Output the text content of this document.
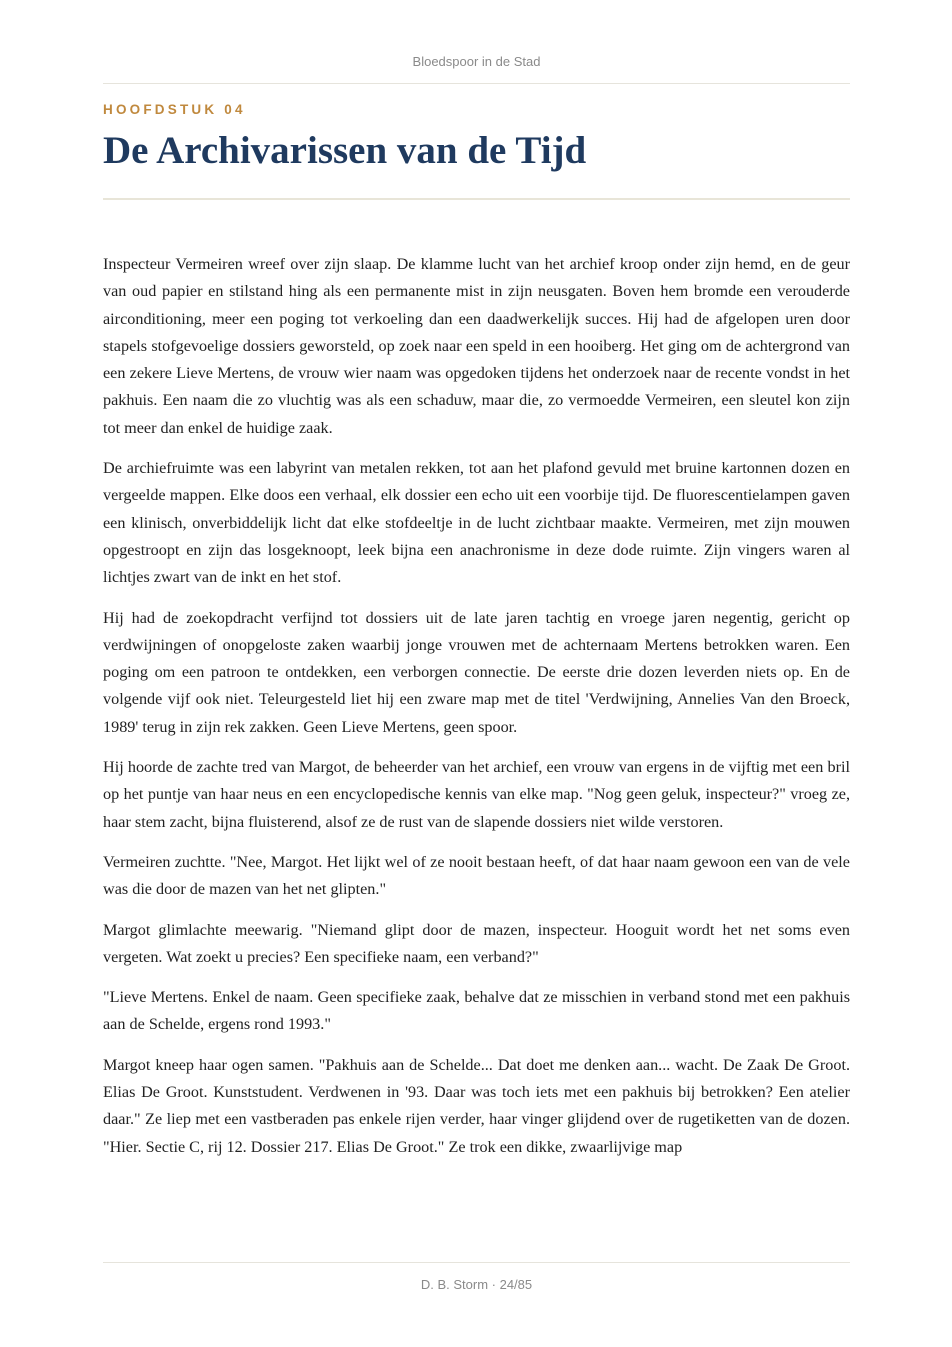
Bloedspoor in de Stad
HOOFDSTUK 04
De Archivarissen van de Tijd

Inspecteur Vermeiren wreef over zijn slaap. De klamme lucht van het archief kroop onder zijn hemd, en de geur van oud papier en stilstand hing als een permanente mist in zijn neusgaten. Boven hem bromde een verouderde airconditioning, meer een poging tot verkoeling dan een daadwerkelijk succes. Hij had de afgelopen uren door stapels stofgevoelige dossiers geworsteld, op zoek naar een speld in een hooiberg. Het ging om de achtergrond van een zekere Lieve Mertens, de vrouw wier naam was opgedoken tijdens het onderzoek naar de recente vondst in het pakhuis. Een naam die zo vluchtig was als een schaduw, maar die, zo vermoedde Vermeiren, een sleutel kon zijn tot meer dan enkel de huidige zaak.

De archiefruimte was een labyrint van metalen rekken, tot aan het plafond gevuld met bruine kartonnen dozen en vergeelde mappen. Elke doos een verhaal, elk dossier een echo uit een voorbije tijd. De fluorescentielampen gaven een klinisch, onverbiddelijk licht dat elke stofdeeltje in de lucht zichtbaar maakte. Vermeiren, met zijn mouwen opgestroopt en zijn das losgeknoopt, leek bijna een anachronisme in deze dode ruimte. Zijn vingers waren al lichtjes zwart van de inkt en het stof.

Hij had de zoekopdracht verfijnd tot dossiers uit de late jaren tachtig en vroege jaren negentig, gericht op verdwijningen of onopgeloste zaken waarbij jonge vrouwen met de achternaam Mertens betrokken waren. Een poging om een patroon te ontdekken, een verborgen connectie. De eerste drie dozen leverden niets op. En de volgende vijf ook niet. Teleurgesteld liet hij een zware map met de titel 'Verdwijning, Annelies Van den Broeck, 1989' terug in zijn rek zakken. Geen Lieve Mertens, geen spoor.

Hij hoorde de zachte tred van Margot, de beheerder van het archief, een vrouw van ergens in de vijftig met een bril op het puntje van haar neus en een encyclopedische kennis van elke map. "Nog geen geluk, inspecteur?" vroeg ze, haar stem zacht, bijna fluisterend, alsof ze de rust van de slapende dossiers niet wilde verstoren.

Vermeiren zuchtte. "Nee, Margot. Het lijkt wel of ze nooit bestaan heeft, of dat haar naam gewoon een van de vele was die door de mazen van het net glipten."

Margot glimlachte meewarig. "Niemand glipt door de mazen, inspecteur. Hooguit wordt het net soms even vergeten. Wat zoekt u precies? Een specifieke naam, een verband?"

"Lieve Mertens. Enkel de naam. Geen specifieke zaak, behalve dat ze misschien in verband stond met een pakhuis aan de Schelde, ergens rond 1993."

Margot kneep haar ogen samen. "Pakhuis aan de Schelde... Dat doet me denken aan... wacht. De Zaak De Groot. Elias De Groot. Kunststudent. Verdwenen in '93. Daar was toch iets met een pakhuis bij betrokken? Een atelier daar." Ze liep met een vastberaden pas enkele rijen verder, haar vinger glijdend over de rugetiketten van de dozen. "Hier. Sectie C, rij 12. Dossier 217. Elias De Groot." Ze trok een dikke, zwaarlijvige map

D. B. Storm · 24/85
